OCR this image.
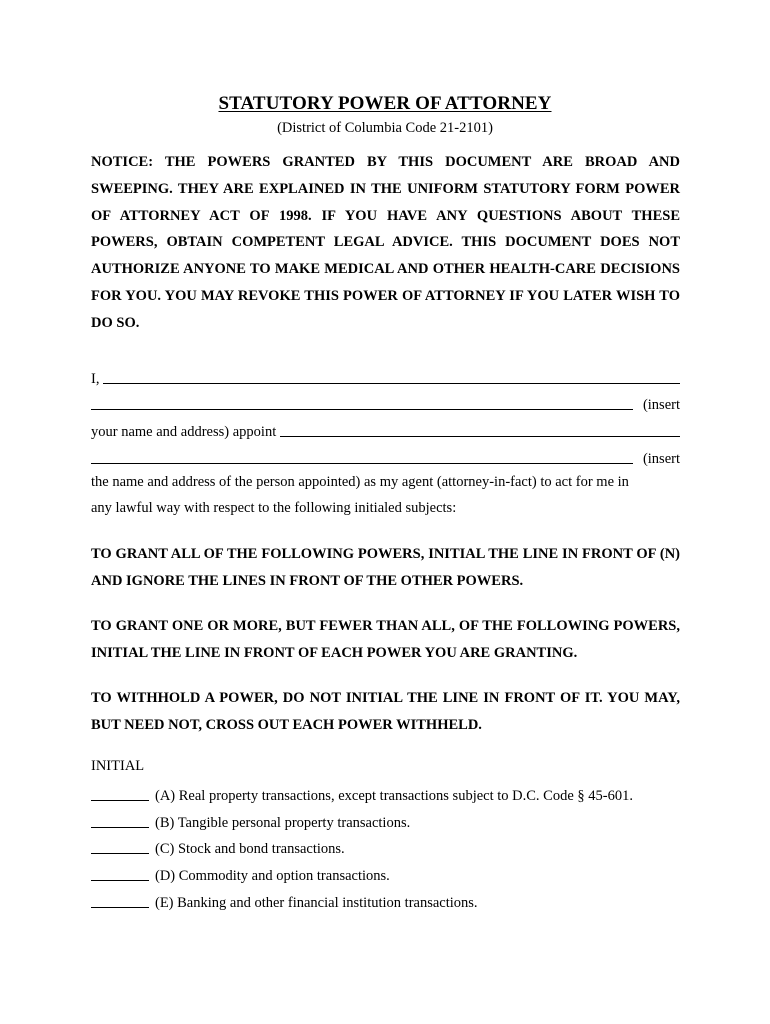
STATUTORY POWER OF ATTORNEY
(District of Columbia Code 21-2101)
NOTICE: THE POWERS GRANTED BY THIS DOCUMENT ARE BROAD AND SWEEPING. THEY ARE EXPLAINED IN THE UNIFORM STATUTORY FORM POWER OF ATTORNEY ACT OF 1998. IF YOU HAVE ANY QUESTIONS ABOUT THESE POWERS, OBTAIN COMPETENT LEGAL ADVICE. THIS DOCUMENT DOES NOT AUTHORIZE ANYONE TO MAKE MEDICAL AND OTHER HEALTH-CARE DECISIONS FOR YOU. YOU MAY REVOKE THIS POWER OF ATTORNEY IF YOU LATER WISH TO DO SO.
I,
(insert
your name and address) appoint
(insert
the name and address of the person appointed) as my agent (attorney-in-fact) to act for me in
any lawful way with respect to the following initialed subjects:
TO GRANT ALL OF THE FOLLOWING POWERS, INITIAL THE LINE IN FRONT OF (N) AND IGNORE THE LINES IN FRONT OF THE OTHER POWERS.
TO GRANT ONE OR MORE, BUT FEWER THAN ALL, OF THE FOLLOWING POWERS, INITIAL THE LINE IN FRONT OF EACH POWER YOU ARE GRANTING.
TO WITHHOLD A POWER, DO NOT INITIAL THE LINE IN FRONT OF IT. YOU MAY, BUT NEED NOT, CROSS OUT EACH POWER WITHHELD.
INITIAL
(A) Real property transactions, except transactions subject to D.C. Code § 45-601.
(B) Tangible personal property transactions.
(C) Stock and bond transactions.
(D) Commodity and option transactions.
(E) Banking and other financial institution transactions.
